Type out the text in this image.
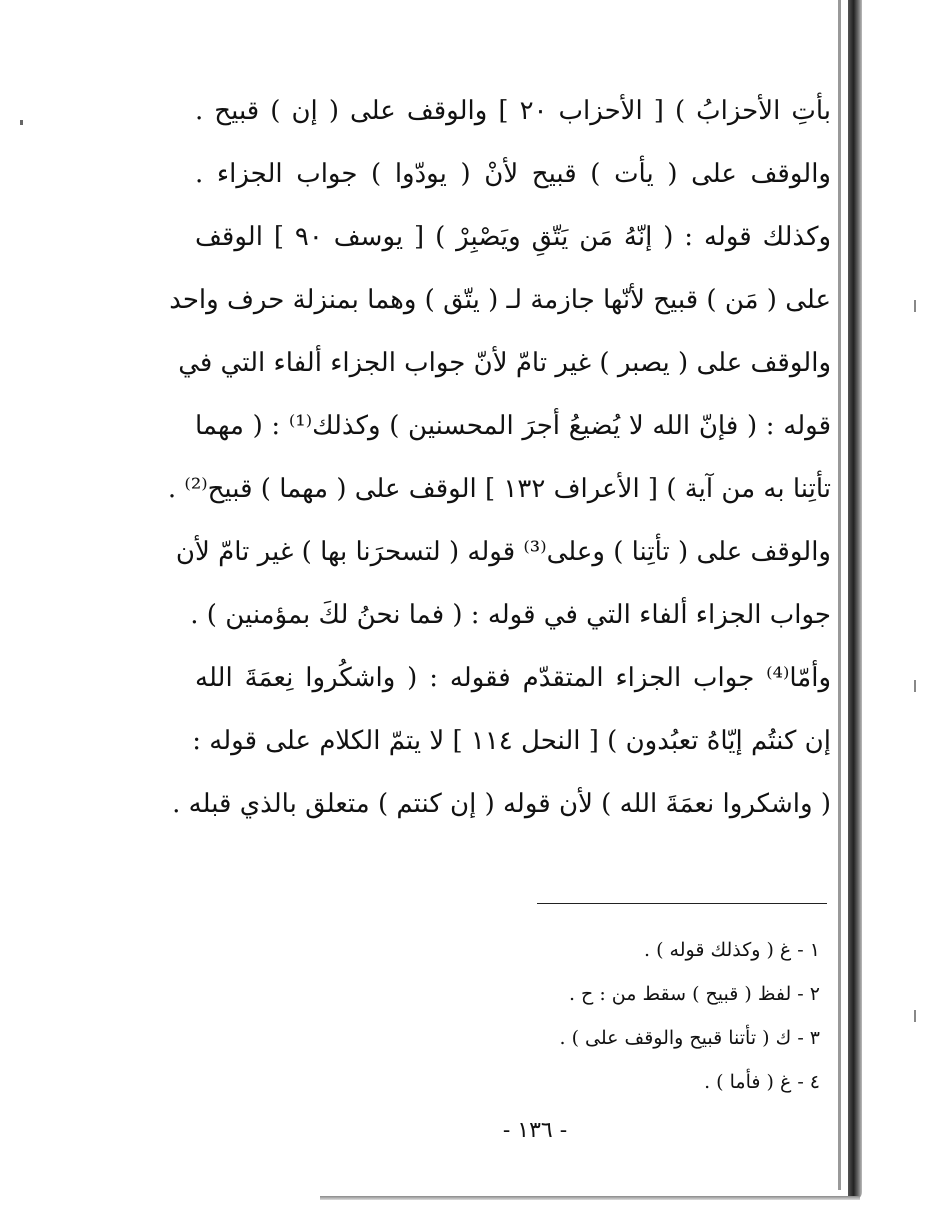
بأتِ الأحزابُ ) [ الأحزاب ٢٠ ] والوقف على ( إن ) قبيح .
والوقف على ( يأت ) قبيح لأنْ ( يودّوا ) جواب الجزاء .
وكذلك قوله : ( إنّهُ مَن يَتّقِ ويَصْبِرْ ) [ يوسف ٩٠ ] الوقف
على ( مَن ) قبيح لأنّها جازمة لـ ( يتّق ) وهما بمنزلة حرف واحد
والوقف على ( يصبر ) غير تامّ لأنّ جواب الجزاء ألفاء التي في
قوله : ( فإنّ الله لا يُضيعُ أجرَ المحسنين ) وكذلك⁽¹⁾ : ( مهما
تأتِنا به من آية ) [ الأعراف ١٣٢ ] الوقف على ( مهما ) قبيح⁽²⁾ .
والوقف على ( تأتِنا ) وعلى⁽³⁾ قوله ( لتسحرَنا بها ) غير تامّ لأن
جواب الجزاء ألفاء التي في قوله : ( فما نحنُ لكَ بمؤمنين ) .
وأمّا⁽⁴⁾ جواب الجزاء المتقدّم فقوله : ( واشكُروا نِعمَةَ الله
إن كنتُم إيّاهُ تعبُدون ) [ النحل ١١٤ ] لا يتمّ الكلام على قوله :
( واشكروا نعمَةَ الله ) لأن قوله ( إن كنتم ) متعلق بالذي قبله .
١ - غ ( وكذلك قوله ) .
٢ - لفظ ( قبيح ) سقط من : ح .
٣ - ك ( تأتنا قبيح والوقف على ) .
٤ - غ ( فأما ) .
- ١٣٦ -
